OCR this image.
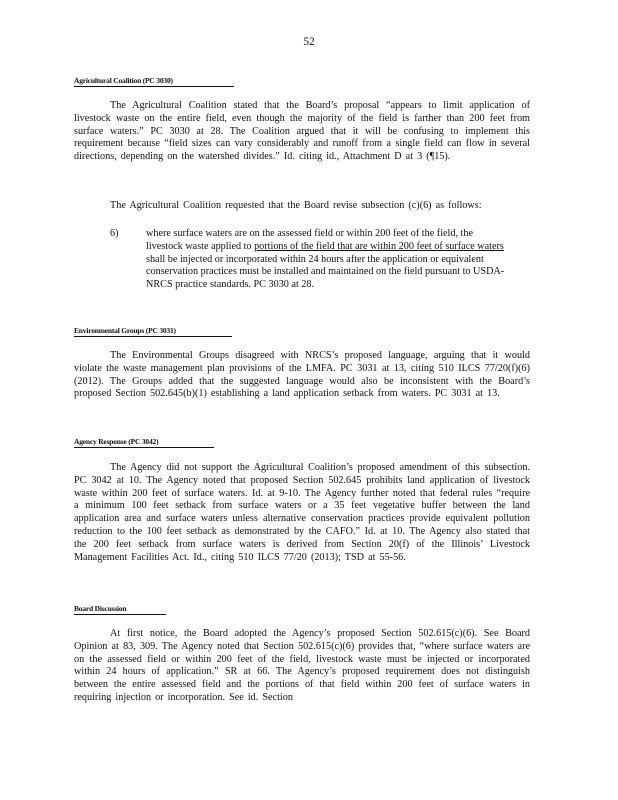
52
Agricultural Coalition (PC 3030)
The Agricultural Coalition stated that the Board’s proposal “appears to limit application of livestock waste on the entire field, even though the majority of the field is farther than 200 feet from surface waters.” PC 3030 at 28. The Coalition argued that it will be confusing to implement this requirement because “field sizes can vary considerably and runoff from a single field can flow in several directions, depending on the watershed divides.” Id. citing id., Attachment D at 3 (¶15).
The Agricultural Coalition requested that the Board revise subsection (c)(6) as follows:
6)	where surface waters are on the assessed field or within 200 feet of the field, the livestock waste applied to portions of the field that are within 200 feet of surface waters shall be injected or incorporated within 24 hours after the application or equivalent conservation practices must be installed and maintained on the field pursuant to USDA-NRCS practice standards. PC 3030 at 28.
Environmental Groups (PC 3031)
The Environmental Groups disagreed with NRCS’s proposed language, arguing that it would violate the waste management plan provisions of the LMFA. PC 3031 at 13, citing 510 ILCS 77/20(f)(6) (2012). The Groups added that the suggested language would also be inconsistent with the Board’s proposed Section 502.645(b)(1) establishing a land application setback from waters. PC 3031 at 13.
Agency Response (PC 3042)
The Agency did not support the Agricultural Coalition’s proposed amendment of this subsection. PC 3042 at 10. The Agency noted that proposed Section 502.645 prohibits land application of livestock waste within 200 feet of surface waters. Id. at 9-10. The Agency further noted that federal rules “require a minimum 100 feet setback from surface waters or a 35 feet vegetative buffer between the land application area and surface waters unless alternative conservation practices provide equivalent pollution reduction to the 100 feet setback as demonstrated by the CAFO.” Id. at 10. The Agency also stated that the 200 feet setback from surface waters is derived from Section 20(f) of the Illinois’ Livestock Management Facilities Act. Id., citing 510 ILCS 77/20 (2013); TSD at 55-56.
Board Discussion
At first notice, the Board adopted the Agency’s proposed Section 502.615(c)(6). See Board Opinion at 83, 309. The Agency noted that Section 502.615(c)(6) provides that, “where surface waters are on the assessed field or within 200 feet of the field, livestock waste must be injected or incorporated within 24 hours of application.” SR at 66. The Agency’s proposed requirement does not distinguish between the entire assessed field and the portions of that field within 200 feet of surface waters in requiring injection or incorporation. See id. Section
